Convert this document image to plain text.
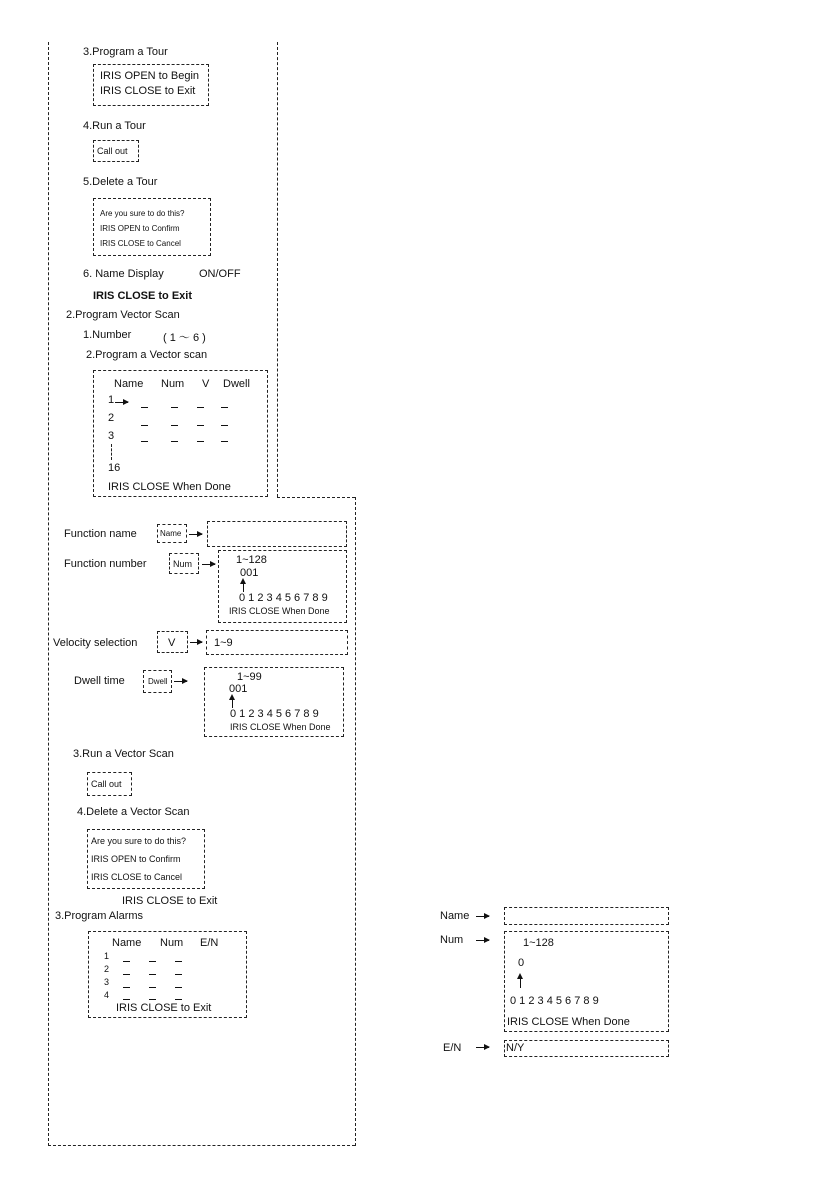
3.Program a Tour
IRIS OPEN to Begin
IRIS CLOSE to Exit
4.Run a Tour
Call out
5.Delete a Tour
Are you sure to do this?
IRIS OPEN to Confirm
IRIS CLOSE to Cancel
6. Name Display	ON/OFF
IRIS CLOSE to Exit
2.Program Vector Scan
1.Number	( 1 ～ 6 )
2.Program a Vector scan
Name Num V Dwell
1
2
3
16
IRIS CLOSE When Done
Function name	Name
Function number	Num	1~128
001
0 1 2 3 4 5 6 7 8 9
IRIS CLOSE When Done
Velocity selection	V	1~9
Dwell time	Dwell	1~99
001
0 1 2 3 4 5 6 7 8 9
IRIS CLOSE When Done
3.Run a Vector Scan
Call out
4.Delete a Vector Scan
Are you sure to do this?
IRIS OPEN to Confirm
IRIS CLOSE to Cancel
IRIS CLOSE to Exit
3.Program Alarms
Name Num E/N
1
2
3
4
IRIS CLOSE to Exit
Name
Num	1~128
0
0 1 2 3 4 5 6 7 8 9
IRIS CLOSE When Done
E/N	N/Y
